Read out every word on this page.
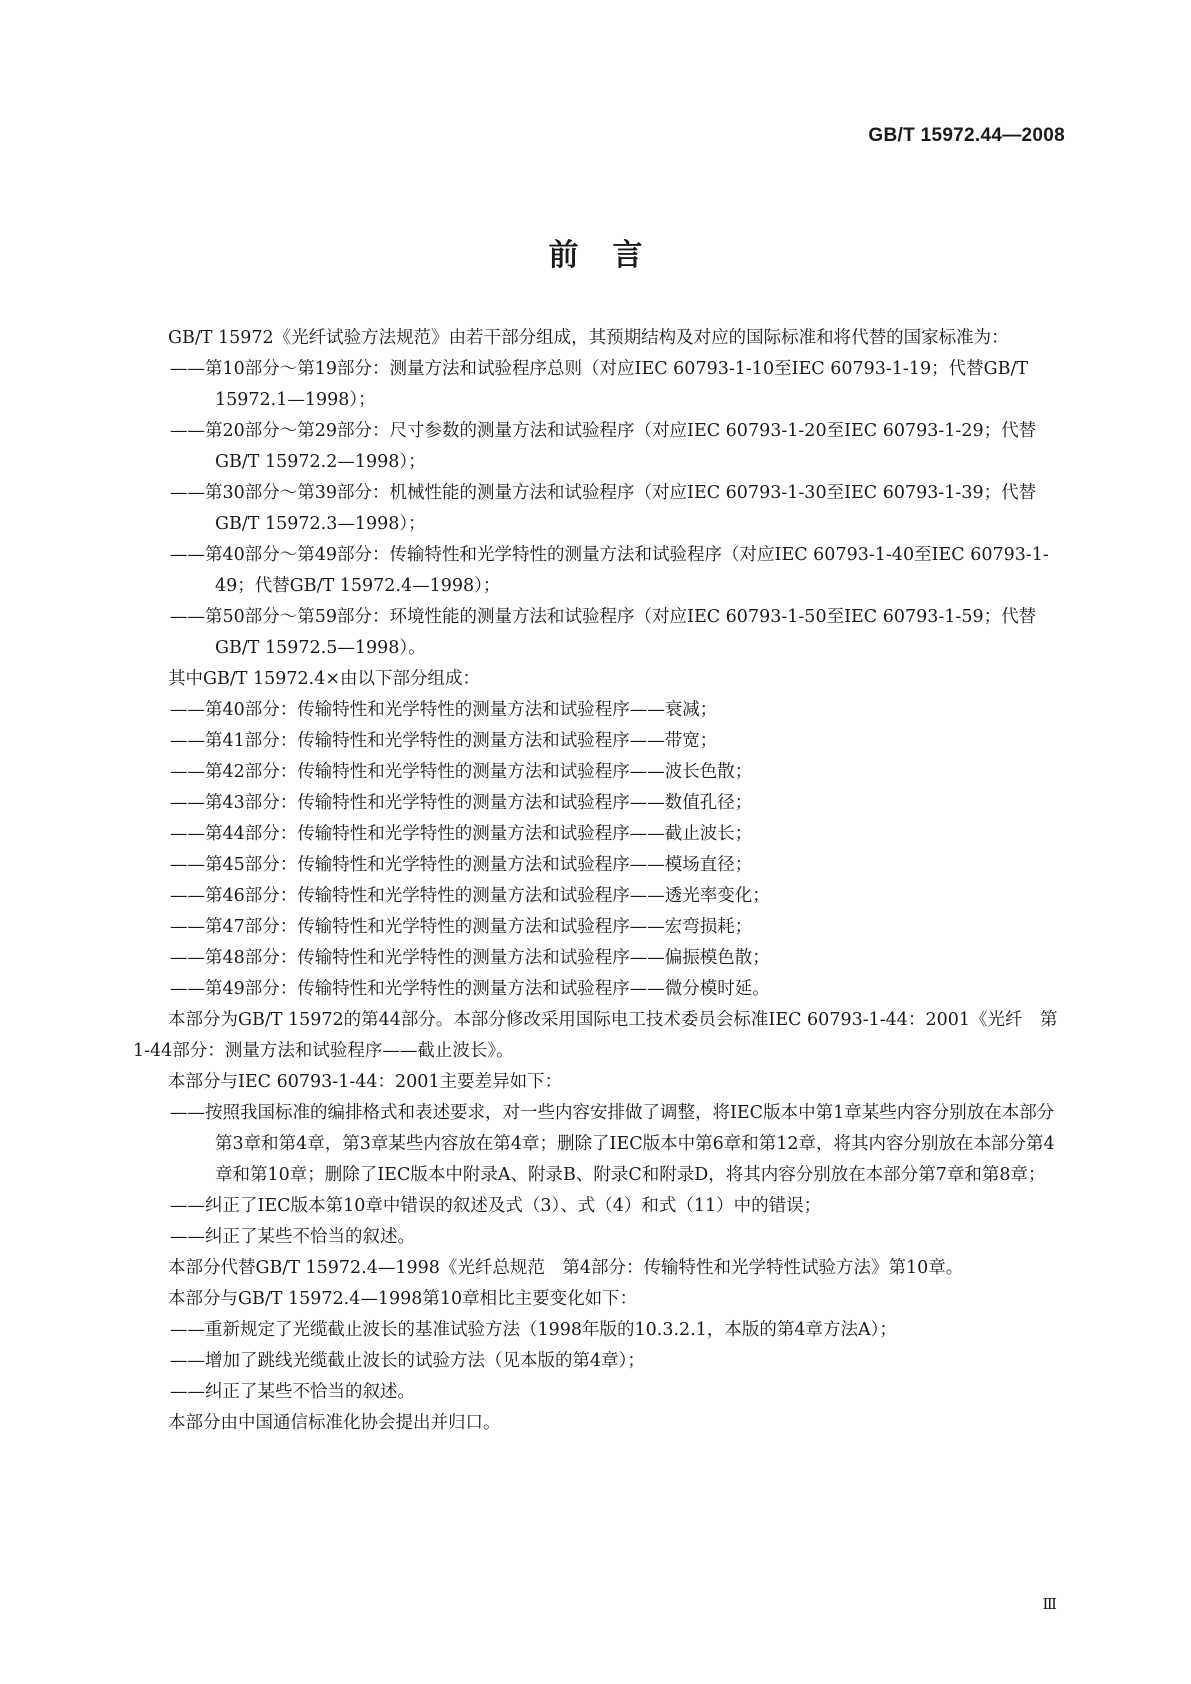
GB/T 15972.44—2008
前言

GB/T 15972《光纤试验方法规范》由若干部分组成，其预期结构及对应的国际标准和将代替的国家标准为：

——第10部分～第19部分：测量方法和试验程序总则（对应IEC 60793-1-10至IEC 60793-1-19；代替GB/T 15972.1—1998）；

——第20部分～第29部分：尺寸参数的测量方法和试验程序（对应IEC 60793-1-20至IEC 60793-1-29；代替GB/T 15972.2—1998）；

——第30部分～第39部分：机械性能的测量方法和试验程序（对应IEC 60793-1-30至IEC 60793-1-39；代替GB/T 15972.3—1998）；

——第40部分～第49部分：传输特性和光学特性的测量方法和试验程序（对应IEC 60793-1-40至IEC 60793-1-49；代替GB/T 15972.4—1998）；

——第50部分～第59部分：环境性能的测量方法和试验程序（对应IEC 60793-1-50至IEC 60793-1-59；代替GB/T 15972.5—1998）。

其中GB/T 15972.4×由以下部分组成：

——第40部分：传输特性和光学特性的测量方法和试验程序——衰减；

——第41部分：传输特性和光学特性的测量方法和试验程序——带宽；

——第42部分：传输特性和光学特性的测量方法和试验程序——波长色散；

——第43部分：传输特性和光学特性的测量方法和试验程序——数值孔径；

——第44部分：传输特性和光学特性的测量方法和试验程序——截止波长；

——第45部分：传输特性和光学特性的测量方法和试验程序——模场直径；

——第46部分：传输特性和光学特性的测量方法和试验程序——透光率变化；

——第47部分：传输特性和光学特性的测量方法和试验程序——宏弯损耗；

——第48部分：传输特性和光学特性的测量方法和试验程序——偏振模色散；

——第49部分：传输特性和光学特性的测量方法和试验程序——微分模时延。

本部分为GB/T 15972的第44部分。本部分修改采用国际电工技术委员会标准IEC 60793-1-44：2001《光纤　第1-44部分：测量方法和试验程序——截止波长》。

本部分与IEC 60793-1-44：2001主要差异如下：

——按照我国标准的编排格式和表述要求，对一些内容安排做了调整，将IEC版本中第1章某些内容分别放在本部分第3章和第4章，第3章某些内容放在第4章；删除了IEC版本中第6章和第12章，将其内容分别放在本部分第4章和第10章；删除了IEC版本中附录A、附录B、附录C和附录D，将其内容分别放在本部分第7章和第8章；

——纠正了IEC版本第10章中错误的叙述及式（3）、式（4）和式（11）中的错误；

——纠正了某些不恰当的叙述。

本部分代替GB/T 15972.4—1998《光纤总规范　第4部分：传输特性和光学特性试验方法》第10章。

本部分与GB/T 15972.4—1998第10章相比主要变化如下：

——重新规定了光缆截止波长的基准试验方法（1998年版的10.3.2.1，本版的第4章方法A）；

——增加了跳线光缆截止波长的试验方法（见本版的第4章）；

——纠正了某些不恰当的叙述。

本部分由中国通信标准化协会提出并归口。

Ⅲ
